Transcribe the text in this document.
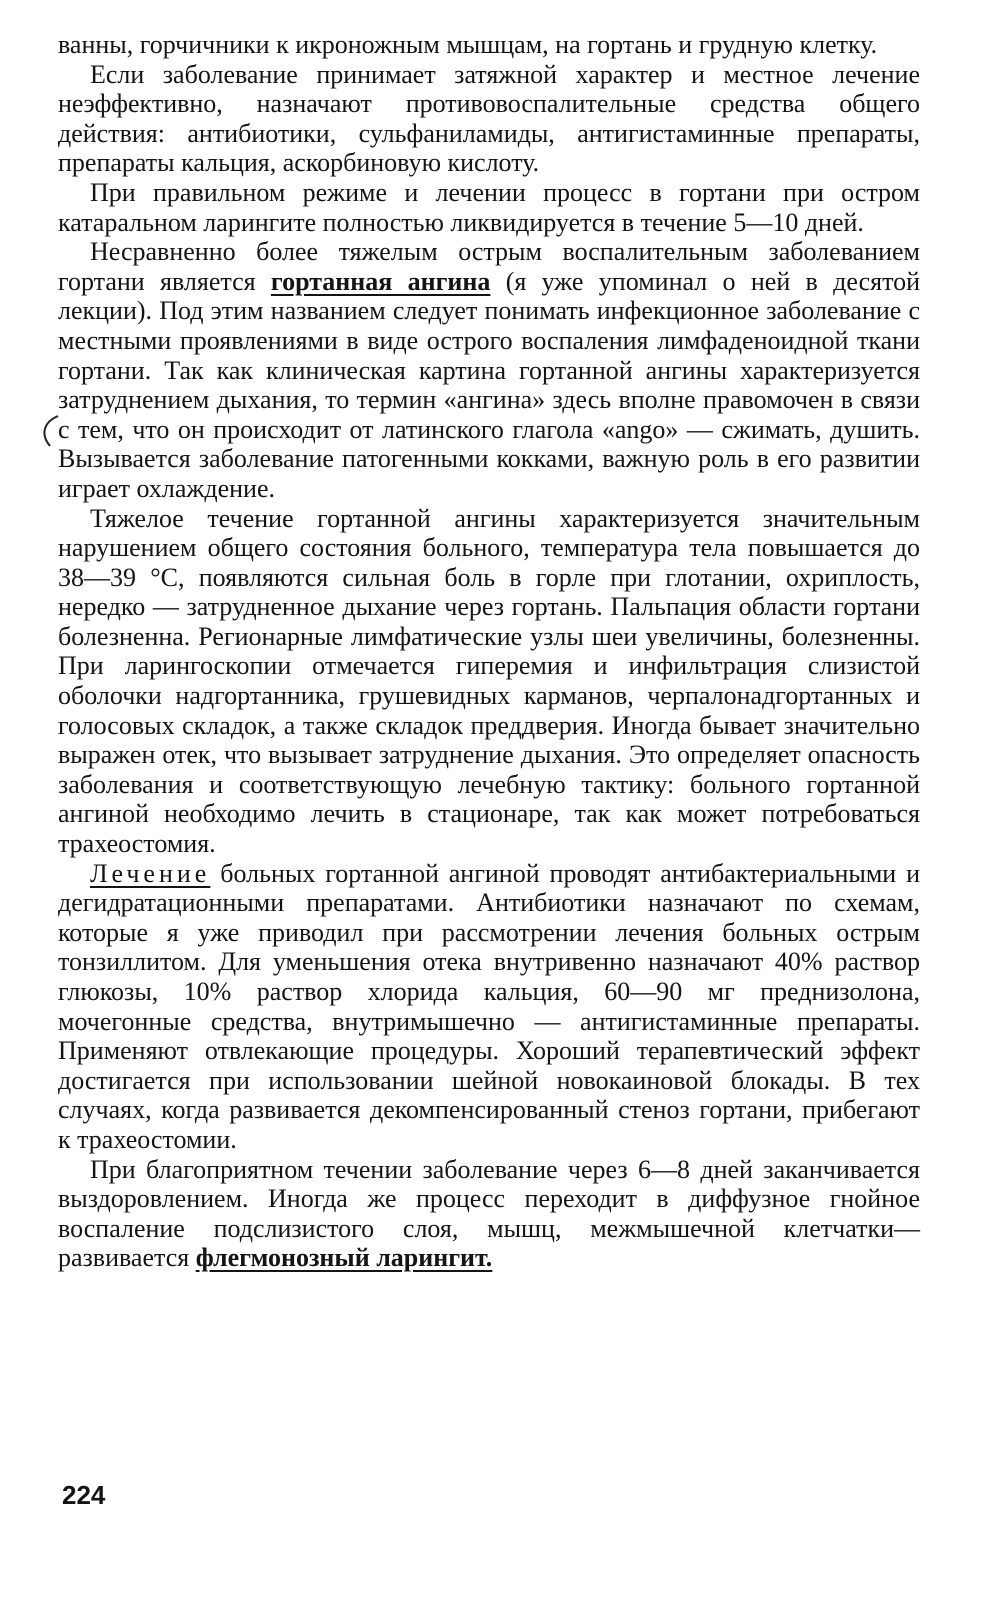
ванны, горчичники к икроножным мышцам, на гортань и грудную клетку.

Если заболевание принимает затяжной характер и местное лечение неэффективно, назначают противовоспалительные средства общего действия: антибиотики, сульфаниламиды, антигистаминные препараты, препараты кальция, аскорбиновую кислоту.

При правильном режиме и лечении процесс в гортани при остром катаральном ларингите полностью ликвидируется в течение 5—10 дней.

Несравненно более тяжелым острым воспалительным заболеванием гортани является гортанная ангина (я уже упоминал о ней в десятой лекции). Под этим названием следует понимать инфекционное заболевание с местными проявлениями в виде острого воспаления лимфаденоидной ткани гортани. Так как клиническая картина гортанной ангины характеризуется затруднением дыхания, то термин «ангина» здесь вполне правомочен в связи с тем, что он происходит от латинского глагола «ango» — сжимать, душить. Вызывается заболевание патогенными кокками, важную роль в его развитии играет охлаждение.

Тяжелое течение гортанной ангины характеризуется значительным нарушением общего состояния больного, температура тела повышается до 38—39 °С, появляются сильная боль в горле при глотании, охриплость, нередко — затрудненное дыхание через гортань. Пальпация области гортани болезненна. Регионарные лимфатические узлы шеи увеличины, болезненны. При ларингоскопии отмечается гиперемия и инфильтрация слизистой оболочки надгортанника, грушевидных карманов, черпалонадгортанных и голосовых складок, а также складок преддверия. Иногда бывает значительно выражен отек, что вызывает затруднение дыхания. Это определяет опасность заболевания и соответствующую лечебную тактику: больного гортанной ангиной необходимо лечить в стационаре, так как может потребоваться трахеостомия.

Лечение больных гортанной ангиной проводят антибактериальными и дегидратационными препаратами. Антибиотики назначают по схемам, которые я уже приводил при рассмотрении лечения больных острым тонзиллитом. Для уменьшения отека внутривенно назначают 40% раствор глюкозы, 10% раствор хлорида кальция, 60—90 мг преднизолона, мочегонные средства, внутримышечно — антигистаминные препараты. Применяют отвлекающие процедуры. Хороший терапевтический эффект достигается при использовании шейной новокаиновой блокады. В тех случаях, когда развивается декомпенсированный стеноз гортани, прибегают к трахеостомии.

При благоприятном течении заболевание через 6—8 дней заканчивается выздоровлением. Иногда же процесс переходит в диффузное гнойное воспаление подслизистого слоя, мышц, межмышечной клетчатки—развивается флегмонозный ларингит.

224
